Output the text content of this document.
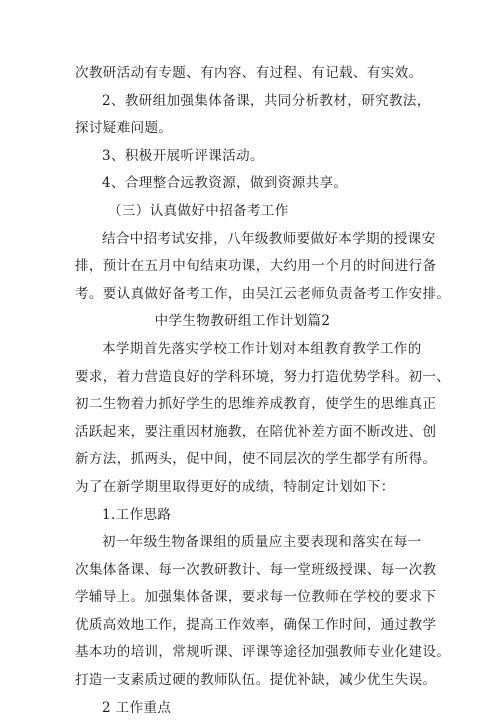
次教研活动有专题、有内容、有过程、有记载、有实效。
2、教研组加强集体备课，共同分析教材，研究教法，
探讨疑难问题。
3、积极开展听评课活动。
4、合理整合远教资源，做到资源共享。
（三）认真做好中招备考工作
结合中招考试安排，八年级教师要做好本学期的授课安
排，预计在五月中旬结束功课，大约用一个月的时间进行备
考。要认真做好备考工作，由吴江云老师负责备考工作安排。
中学生物教研组工作计划篇2
本学期首先落实学校工作计划对本组教育教学工作的
要求，着力营造良好的学科环境，努力打造优势学科。初一、
初二生物着力抓好学生的思维养成教育，使学生的思维真正
活跃起来，要注重因材施教，在陪优补差方面不断改进、创
新方法，抓两头，促中间，使不同层次的学生都学有所得。
为了在新学期里取得更好的成绩，特制定计划如下：
1.工作思路
初一年级生物备课组的质量应主要表现和落实在每一
次集体备课、每一次教研教计、每一堂班级授课、每一次教
学辅导上。加强集体备课，要求每一位教师在学校的要求下
优质高效地工作，提高工作效率，确保工作时间，通过教学
基本功的培训，常规听课、评课等途径加强教师专业化建设。
打造一支素质过硬的教师队伍。提优补缺，减少优生失误。
2 工作重点
